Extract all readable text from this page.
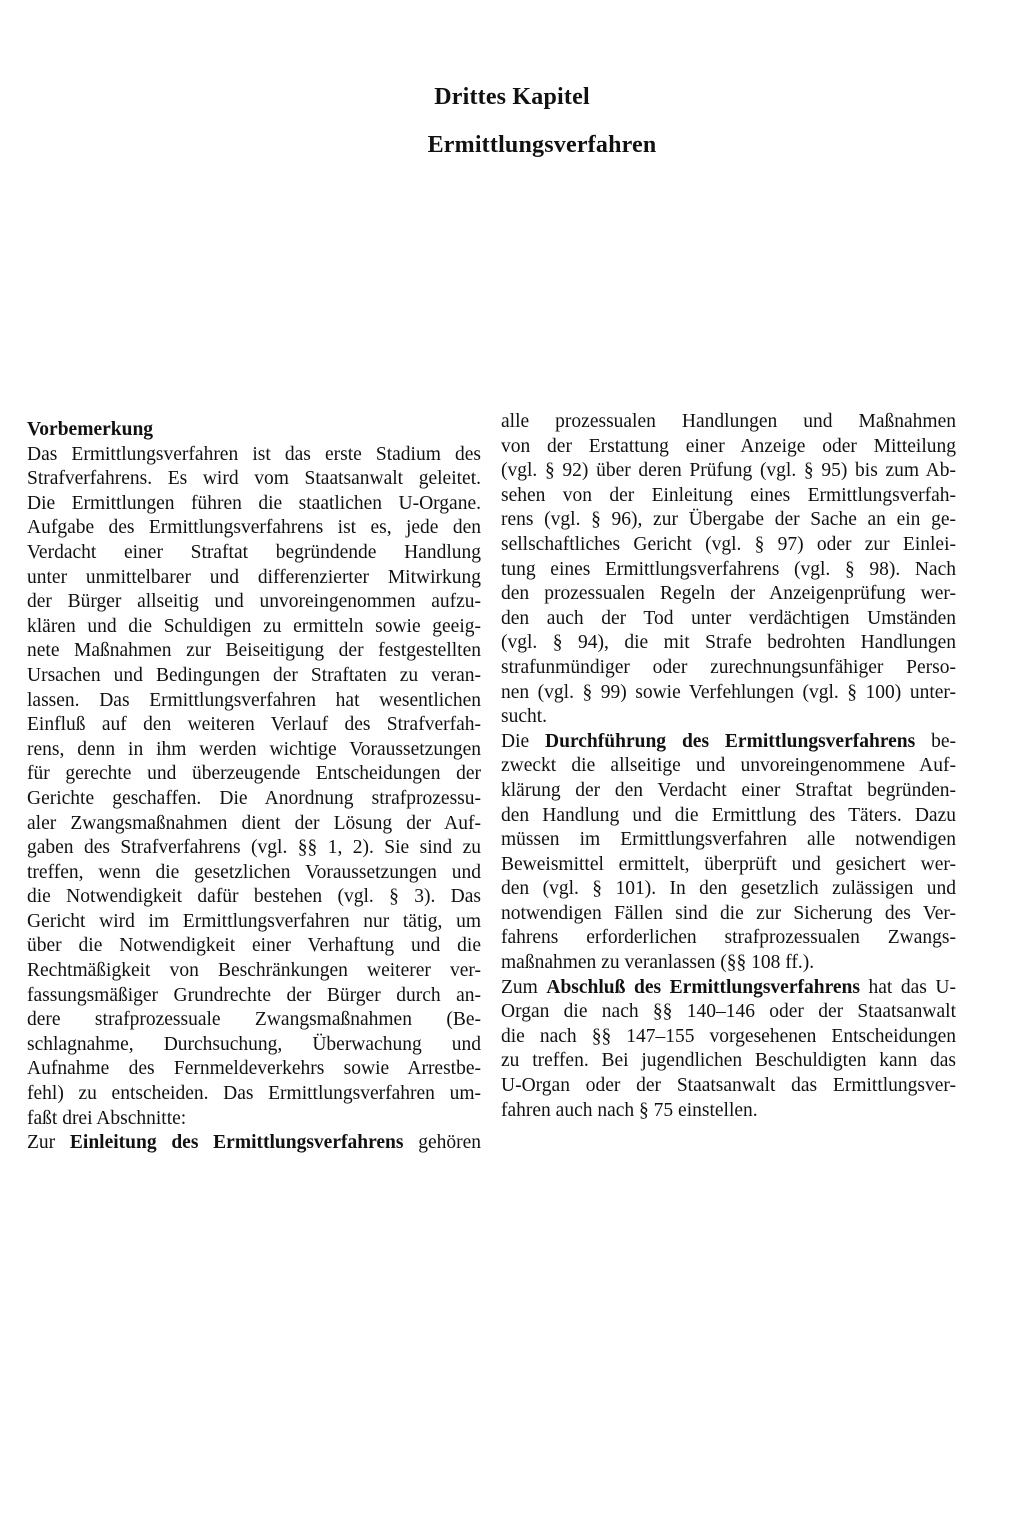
Drittes Kapitel
Ermittlungsverfahren
Vorbemerkung
Das Ermittlungsverfahren ist das erste Stadium des
Strafverfahrens. Es wird vom Staatsanwalt geleitet.
Die Ermittlungen führen die staatlichen U-Organe.
Aufgabe des Ermittlungsverfahrens ist es, jede den
Verdacht einer Straftat begründende Handlung
unter unmittelbarer und differenzierter Mitwirkung
der Bürger allseitig und unvoreingenommen aufzu-
klären und die Schuldigen zu ermitteln sowie geeig-
nete Maßnahmen zur Beiseitigung der festgestellten
Ursachen und Bedingungen der Straftaten zu veran-
lassen. Das Ermittlungsverfahren hat wesentlichen
Einfluß auf den weiteren Verlauf des Strafverfah-
rens, denn in ihm werden wichtige Voraussetzungen
für gerechte und überzeugende Entscheidungen der
Gerichte geschaffen. Die Anordnung strafprozessu-
aler Zwangsmaßnahmen dient der Lösung der Auf-
gaben des Strafverfahrens (vgl. §§ 1, 2). Sie sind zu
treffen, wenn die gesetzlichen Voraussetzungen und
die Notwendigkeit dafür bestehen (vgl. § 3). Das
Gericht wird im Ermittlungsverfahren nur tätig, um
über die Notwendigkeit einer Verhaftung und die
Rechtmäßigkeit von Beschränkungen weiterer ver-
fassungsmäßiger Grundrechte der Bürger durch an-
dere strafprozessuale Zwangsmaßnahmen (Be-
schlagnahme, Durchsuchung, Überwachung und
Aufnahme des Fernmeldeverkehrs sowie Arrestbe-
fehl) zu entscheiden. Das Ermittlungsverfahren um-
faßt drei Abschnitte:
Zur Einleitung des Ermittlungsverfahrens gehören
alle prozessualen Handlungen und Maßnahmen
von der Erstattung einer Anzeige oder Mitteilung
(vgl. § 92) über deren Prüfung (vgl. § 95) bis zum Ab-
sehen von der Einleitung eines Ermittlungsverfah-
rens (vgl. § 96), zur Übergabe der Sache an ein ge-
sellschaftliches Gericht (vgl. § 97) oder zur Einlei-
tung eines Ermittlungsverfahrens (vgl. § 98). Nach
den prozessualen Regeln der Anzeigenprüfung wer-
den auch der Tod unter verdächtigen Umständen
(vgl. § 94), die mit Strafe bedrohten Handlungen
strafunmündiger oder zurechnungsunfähiger Perso-
nen (vgl. § 99) sowie Verfehlungen (vgl. § 100) unter-
sucht.
Die Durchführung des Ermittlungsverfahrens be-
zweckt die allseitige und unvoreingenommene Auf-
klärung der den Verdacht einer Straftat begründen-
den Handlung und die Ermittlung des Täters. Dazu
müssen im Ermittlungsverfahren alle notwendigen
Beweismittel ermittelt, überprüft und gesichert wer-
den (vgl. § 101). In den gesetzlich zulässigen und
notwendigen Fällen sind die zur Sicherung des Ver-
fahrens erforderlichen strafprozessualen Zwangs-
maßnahmen zu veranlassen (§§ 108 ff.).
Zum Abschluß des Ermittlungsverfahrens hat das U-
Organ die nach §§ 140–146 oder der Staatsanwalt
die nach §§ 147–155 vorgesehenen Entscheidungen
zu treffen. Bei jugendlichen Beschuldigten kann das
U-Organ oder der Staatsanwalt das Ermittlungsver-
fahren auch nach § 75 einstellen.
